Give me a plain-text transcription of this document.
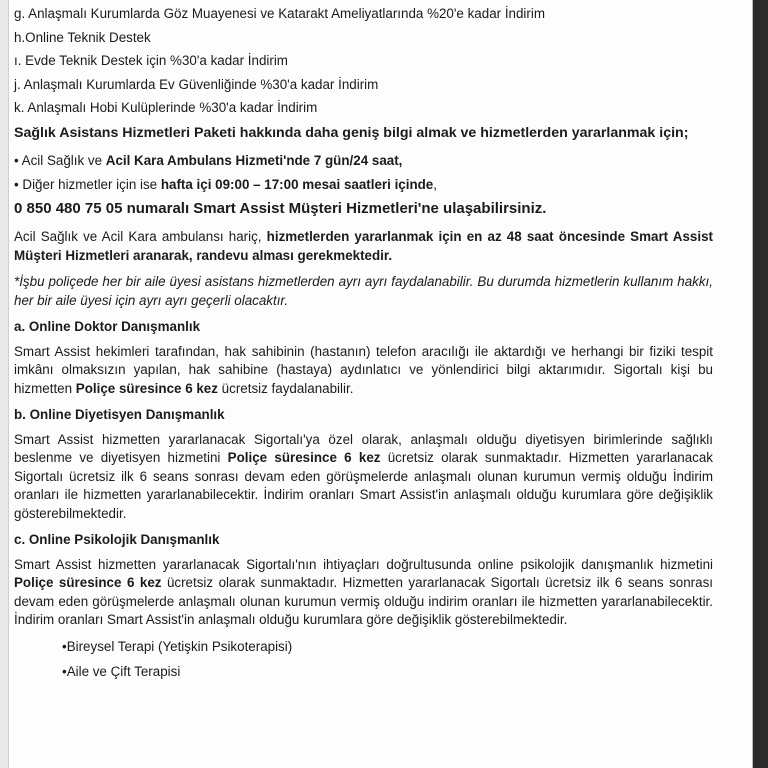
g. Anlaşmalı Kurumlarda Göz Muayenesi ve Katarakt Ameliyatlarında %20'e kadar İndirim
h.Online Teknik Destek
ı. Evde Teknik Destek için %30'a kadar İndirim
j. Anlaşmalı Kurumlarda Ev Güvenliğinde %30'a kadar İndirim
k. Anlaşmalı Hobi Kulüplerinde %30'a kadar İndirim
Sağlık Asistans Hizmetleri Paketi hakkında daha geniş bilgi almak ve hizmetlerden yararlanmak için;
• Acil Sağlık ve Acil Kara Ambulans Hizmeti'nde 7 gün/24 saat,
• Diğer hizmetler için ise hafta içi 09:00 – 17:00 mesai saatleri içinde,
0 850 480 75 05 numaralı Smart Assist Müşteri Hizmetleri'ne ulaşabilirsiniz.
Acil Sağlık ve Acil Kara ambulansı hariç, hizmetlerden yararlanmak için en az 48 saat öncesinde Smart Assist Müşteri Hizmetleri aranarak, randevu alması gerekmektedir.
*İşbu poliçede her bir aile üyesi asistans hizmetlerden ayrı ayrı faydalanabilir. Bu durumda hizmetlerin kullanım hakkı, her bir aile üyesi için ayrı ayrı geçerli olacaktır.
a. Online Doktor Danışmanlık
Smart Assist hekimleri tarafından, hak sahibinin (hastanın) telefon aracılığı ile aktardığı ve herhangi bir fiziki tespit imkânı olmaksızın yapılan, hak sahibine (hastaya) aydınlatıcı ve yönlendirici bilgi aktarımıdır. Sigortalı kişi bu hizmetten Poliçe süresince 6 kez ücretsiz faydalanabilir.
b. Online Diyetisyen Danışmanlık
Smart Assist hizmetten yararlanacak Sigortalı'ya özel olarak, anlaşmalı olduğu diyetisyen birimlerinde sağlıklı beslenme ve diyetisyen hizmetini Poliçe süresince 6 kez ücretsiz olarak sunmaktadır. Hizmetten yararlanacak Sigortalı ücretsiz ilk 6 seans sonrası devam eden görüşmelerde anlaşmalı olunan kurumun vermiş olduğu İndirim oranları ile hizmetten yararlanabilecektir. İndirim oranları Smart Assist'in anlaşmalı olduğu kurumlara göre değişiklik gösterebilmektedir.
c. Online Psikolojik Danışmanlık
Smart Assist hizmetten yararlanacak Sigortalı'nın ihtiyaçları doğrultusunda online psikolojik danışmanlık hizmetini Poliçe süresince 6 kez ücretsiz olarak sunmaktadır. Hizmetten yararlanacak Sigortalı ücretsiz ilk 6 seans sonrası devam eden görüşmelerde anlaşmalı olunan kurumun vermiş olduğu indirim oranları ile hizmetten yararlanabilecektir. İndirim oranları Smart Assist'in anlaşmalı olduğu kurumlara göre değişiklik gösterebilmektedir.
•Bireysel Terapi (Yetişkin Psikoterapisi)
•Aile ve Çift Terapisi
